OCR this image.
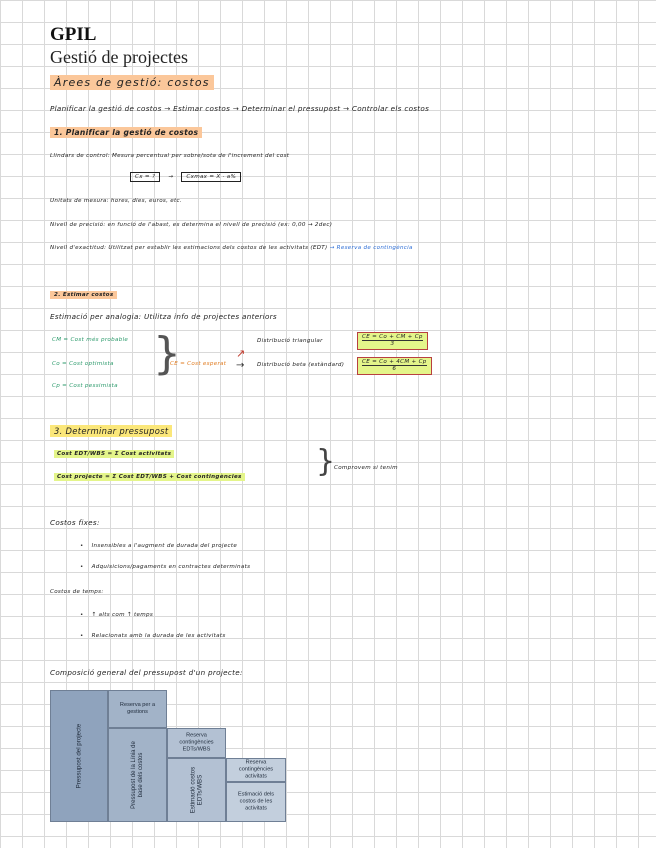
GPIL
Gestió de projectes
Àrees de gestió: costos
Planificar la gestió de costos → Estimar costos → Determinar el pressupost → Controlar els costos
1. Planificar la gestió de costos
Llindars de control: Mesura percentual per sobre/sota de l'increment del cost
Cx = ? → Cxmax = X · a%
Unitats de mesura: hores, dies, euros, etc.
Nivell de precisió: en funció de l'abast, es determina el nivell de precisió (ex: 0,00 → 2dec)
Nivell d'exactitud: Utilitzat per establir les estimacions dels costos de les activitats (EDT) → Reserva de contingència
2. Estimar costos
Estimació per analogia: Utilitza info de projectes anteriors
CM = Cost més probable
Co = Cost optimista
Cp = Cost pessimista
}
CE = Cost esperat
↗
→
Distribució triangular
Distribució beta (estàndard)
$\frac{CE = Co + CM + Cp}{3}$
$\frac{CE = Co + 4CM + Cp}{6}$
3. Determinar pressupost
Cost EDT/WBS = Σ Cost activitats
Cost projecte = Σ Cost EDT/WBS + Cost contingències }
Comprovem si tenim
Costos fixes:
• Insensibles a l'augment de durada del projecte
• Adquisicions/pagaments en contractes determinats
Costos de temps:
• ↑ alts com ↑ temps
• Relacionats amb la durada de les activitats
Composició general del pressupost d'un projecte:
Pressupost del projecte
Reserva per a gestions
Pressupost de la Línia de base dels costos
Reserva contingències EDTs/WBS
Estimació costos EDTs/WBS
Reserva contingències activitats
Estimació dels costos de les activitats
